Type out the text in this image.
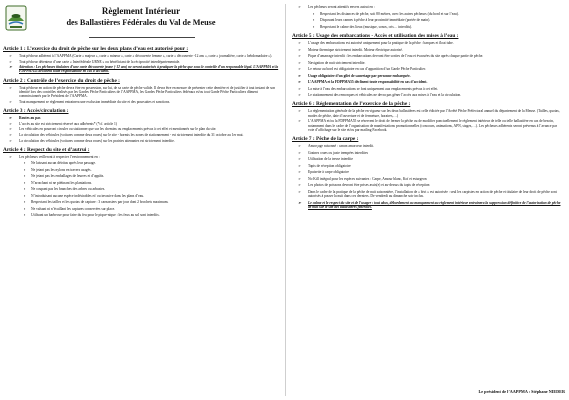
Règlement Intérieur
des Ballastières Fédérales du Val de Meuse
Article 1 : L’exercice du droit de pêche sur les deux plans d’eau est autorisé pour :
➢ Tout pêcheur adhérent à l’AAPPMA (Carte « majeur », carte « mineur », carte « découverte femme », carte « découverte -12 ans », carte « journalière, carte « hebdomadaire »).
➢ Tout pêcheur détenteur d’une carte « Interfédérale URNE » ou bénéficiant de la réciprocité interdépartementale.
➢ Attention : Les pêcheurs titulaires d’une carte découverte jeune (-12 ans) ne seront autorisés à pratiquer la pêche que sous le contrôle d’un responsable légal. L’AAPPMA et la FDPPMA55 déclinent toute responsabilité en cas d’accident.
Article 2 : Contrôle de l’exercice du droit de pêche :
➢ Tout pêcheur en action de pêche devra être en possession, sur lui, de sa carte de pêche valide. Il devra être en mesure de présenter cette dernière et de justifier à tout instant de son identité lors des contrôles réalisés par les Gardes Pêche Particuliers de l’AAPPMA, les Gardes Pêche Particuliers fédéraux et/ou tout Garde Pêche Particuliers dûment commissionnés par le Président de l’AAPPMA.
➢ Tout manquement se règlement entrainera une exclusion immédiate du site et des poursuites et sanctions.
Article 3 : Accès/circulation :
➢ Routes au pas
➢ L’accès au site est strictement réservé aux adhérents* (*cf. article 1)
➢ Les véhicules en pourront circuler ou stationner que sur les chemins ou emplacements prévus à cet effet et mentionnés sur le plan du site.
➢ La circulation des véhicules (voitures comme deux roues) sur le site - hormis les zones de stationnement - est strictement interdite du 31 octobre au 1er mai.
➢ La circulation des véhicules (voitures comme deux roues) sur les prairies attenantes est strictement interdite.
Article 4 : Respect du site et d’autrui :
➢ Les pêcheurs veilleront à respecter l’environnement en :
▪ Ne laissant aucun détritus après leur passage.
▪ Ne jetant pas les nylons en travers usagés.
▪ Ne jetant pas les emballages de leurres et d’appâts.
▪ N’arrachant ni ne piétinant les plantations.
▪ Ne coupant pas les branches des arbres ou arbustes.
▪ N’introduisant aucune espèce indésirables et/ ou invasive dans les plans d’eau.
▪ Respectant les tailles et les quotas de capture : 3 carnassiers par jour dont 2 brochets maximum.
▪ Ne valsant ni n’écaillant les captures conservées sur place.
▪ Utilisant un barbecue pour faire du feu pour le pique-nique : les feux au sol sont interdits.
➢ Les pêcheurs seront attentifs envers autrui en :
▪ Respectant les distances de pêche, soit 80 mètres, avec les autres pêcheurs (du bord et sur l’eau).
▪ Disposant leurs cannes à pêche à leur proximité immédiate (portée de main).
▪ Respectant le calme des lieux (musique, sonos, cris… interdits).
Article 5 : Usage des embarcations - Accès et utilisation des mises à l’eau :
➢ L’usage des embarcations est autorisé uniquement pour la pratique de la pêche : barques et float tube.
➢ Moteur thermique strictement interdit. Moteur électrique autorisé.
➢ Pique d’amarrage interdit : les embarcations devront être sorties de l’eau et évacuées du site après chaque partie de pêche.
➢ Navigation de nuit strictement interdite.
➢ Le retour au bord est obligatoire en cas d’apparition d’un Garde Pêche Particulier.
➢ Usage obligatoire d’un gilet de sauvetage par personne embarquée.
➢ L’AAPPMA et la FDPPMA55 déclinent toute responsabilité en cas d’accident.
➢ La mise à l’eau des embarcations se font uniquement aux emplacements prévus à cet effet.
➢ Le stationnement des remorques et véhicules ne devra pas gêner l’accès aux mises à l’eau et la circulation.
Article 6 : Réglementation de l’exercice de la pêche :
➢ La réglementation générale de la pêche en vigueur sur les deux ballastières est celle édictée par l’Arrêté Pêche Préfectoral annuel du département de la Meuse. (Tailles, quotas, modes de pêche, date d’ouverture et de fermeture, horaires,…)
➢ L’AAPPMA et/ou la FDPPMA55 se réservent le droit de fermer la pêche ou de modifier ponctuellement le règlement intérieur de telle ou telle ballastière en cas de besoin, notamment dans le cadre de l’organisation de manifestations promotionnelles (concours, animations, APN, stages,…). Les pêcheurs adhérents seront prévenus à l’avance par voie d’affichage sur le site et/ou par mailing Facebook.
Article 7 : Pêche de la carpe :
➢ Amorçage raisonné : canon amorceur interdit.
➢ Graines crues ou juste trempées interdites
➢ Utilisation de la tresse interdite
➢ Tapis de réception obligatoire
➢ Epuisette à carpe obligatoire
➢ No Kill intégral pour les espèces suivantes : Carpe, Amour blanc, Koï et esturgeon
➢ Les photos de poissons devront être prises assis(e) et au-dessus du tapis de réception
➢ Dans le cadre de la pratique de la pêche de nuit saisonnière, l’installation de « bivi » est autorisée : seul les carpistes en action de pêche et titulaire de leur droit de pêche sont autorisés à passer la nuit dans ces derniers. De vendredi au dimanche soir inclus.
➢ Le calme et le respect du site et de l’usager : tout abus, débordement ou manquement au règlement intérieur entrainera la suppression définitive de l’autorisation de pêche de nuit sur le site des ballastières fédérales.
Le président de l’AAPPMA : Stéphane NIEDER
